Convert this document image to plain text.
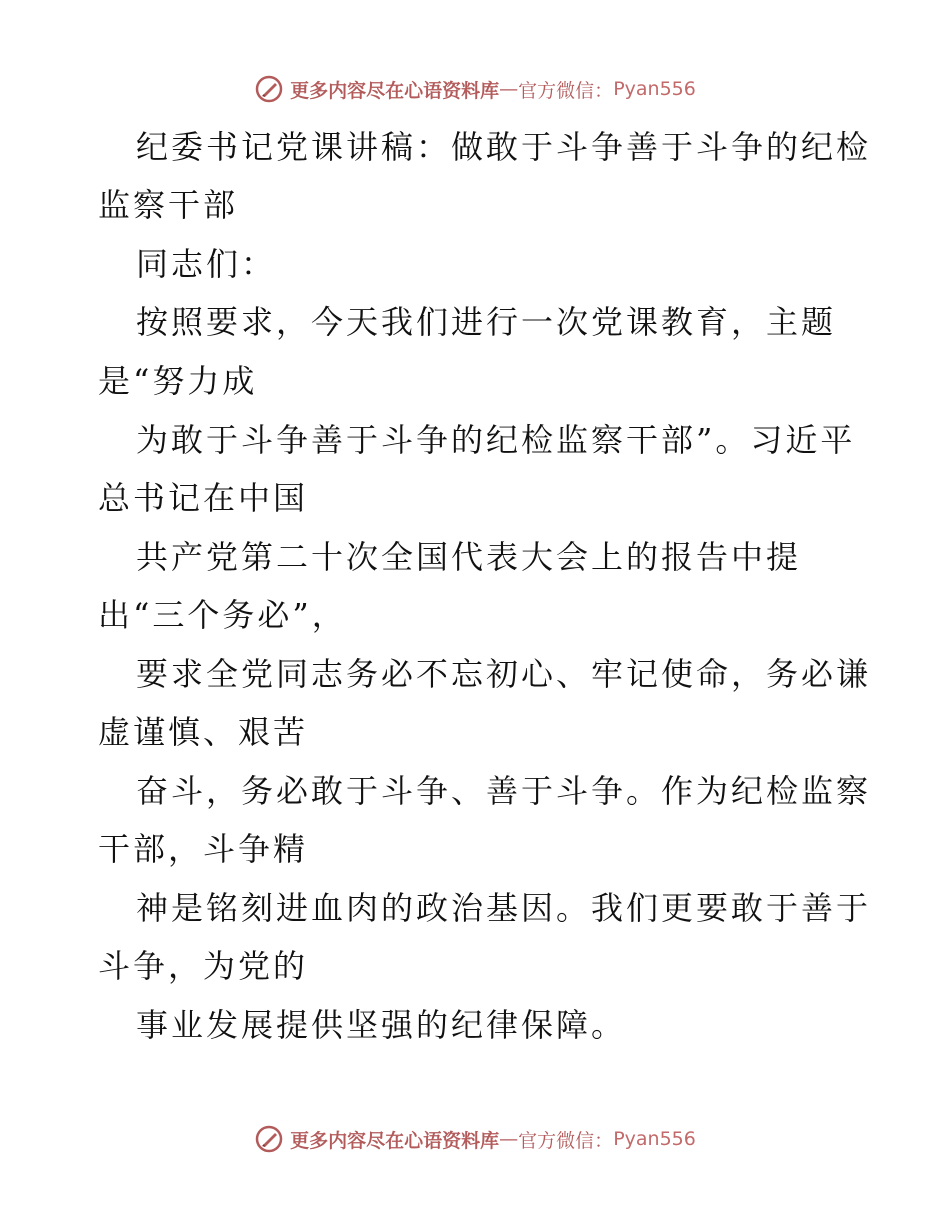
更多内容尽在心语资料库 — 官方微信： Pyan556
纪委书记党课讲稿：做敢于斗争善于斗争的纪检
监察干部
同志们：
按照要求，今天我们进行一次党课教育，主题
是“努力成
为敢于斗争善于斗争的纪检监察干部”。习近平
总书记在中国
共产党第二十次全国代表大会上的报告中提
出“三个务必”，
要求全党同志务必不忘初心、牢记使命，务必谦
虚谨慎、艰苦
奋斗，务必敢于斗争、善于斗争。作为纪检监察
干部，斗争精
神是铭刻进血肉的政治基因。我们更要敢于善于
斗争，为党的
事业发展提供坚强的纪律保障。
更多内容尽在心语资料库 — 官方微信： Pyan556
